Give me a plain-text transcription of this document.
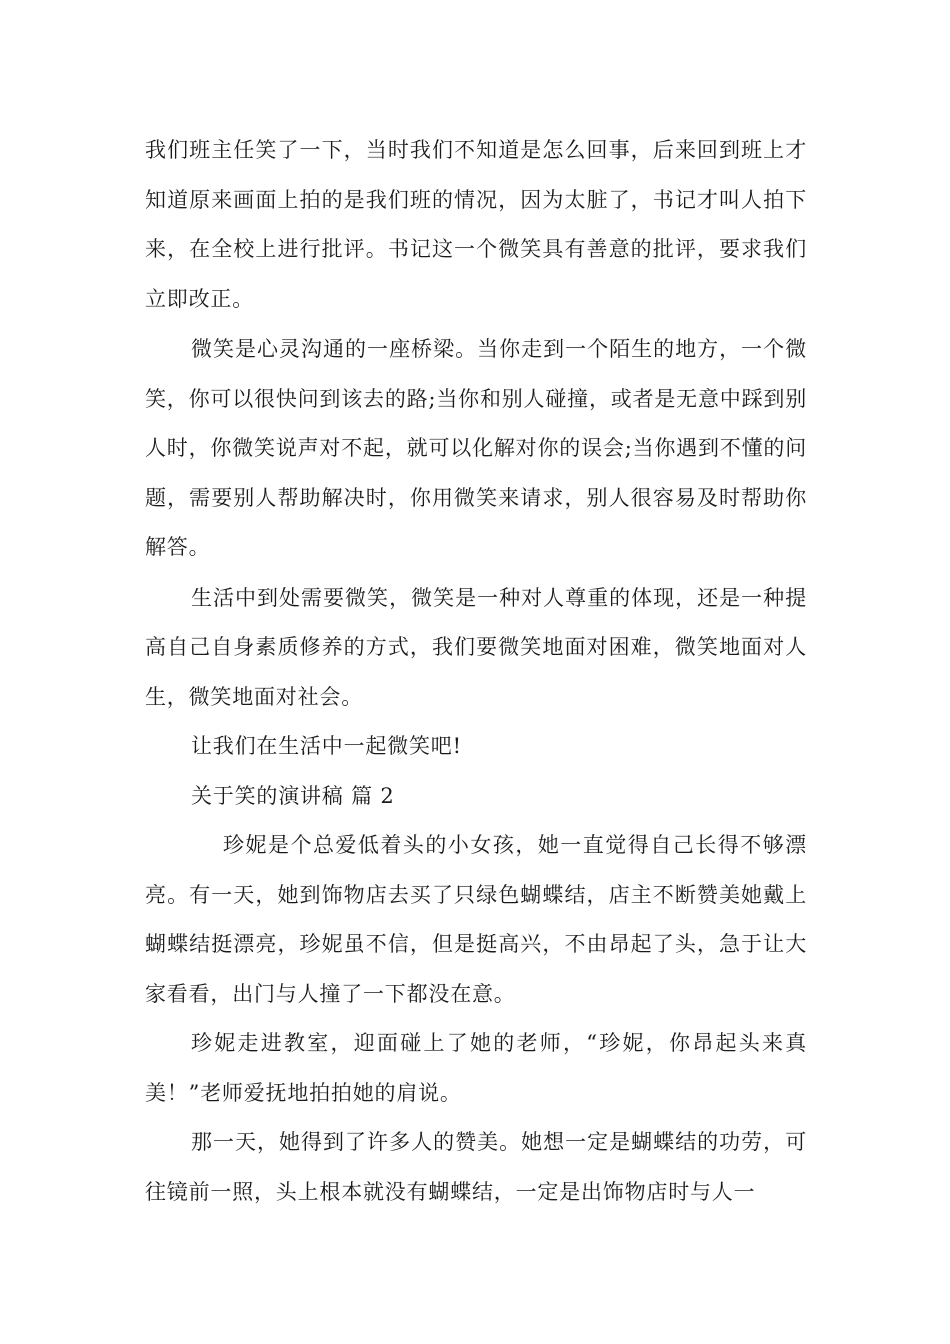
我们班主任笑了一下，当时我们不知道是怎么回事，后来回到班上才知道原来画面上拍的是我们班的情况，因为太脏了，书记才叫人拍下来，在全校上进行批评。书记这一个微笑具有善意的批评，要求我们立即改正。

微笑是心灵沟通的一座桥梁。当你走到一个陌生的地方，一个微笑，你可以很快问到该去的路;当你和别人碰撞，或者是无意中踩到别人时，你微笑说声对不起，就可以化解对你的误会;当你遇到不懂的问题，需要别人帮助解决时，你用微笑来请求，别人很容易及时帮助你解答。

生活中到处需要微笑，微笑是一种对人尊重的体现，还是一种提高自己自身素质修养的方式，我们要微笑地面对困难，微笑地面对人生，微笑地面对社会。

让我们在生活中一起微笑吧!

关于笑的演讲稿 篇 2

珍妮是个总爱低着头的小女孩，她一直觉得自己长得不够漂亮。有一天，她到饰物店去买了只绿色蝴蝶结，店主不断赞美她戴上蝴蝶结挺漂亮，珍妮虽不信，但是挺高兴，不由昂起了头，急于让大家看看，出门与人撞了一下都没在意。

珍妮走进教室，迎面碰上了她的老师，“珍妮，你昂起头来真美！”老师爱抚地拍拍她的肩说。

那一天，她得到了许多人的赞美。她想一定是蝴蝶结的功劳，可往镜前一照，头上根本就没有蝴蝶结，一定是出饰物店时与人一
